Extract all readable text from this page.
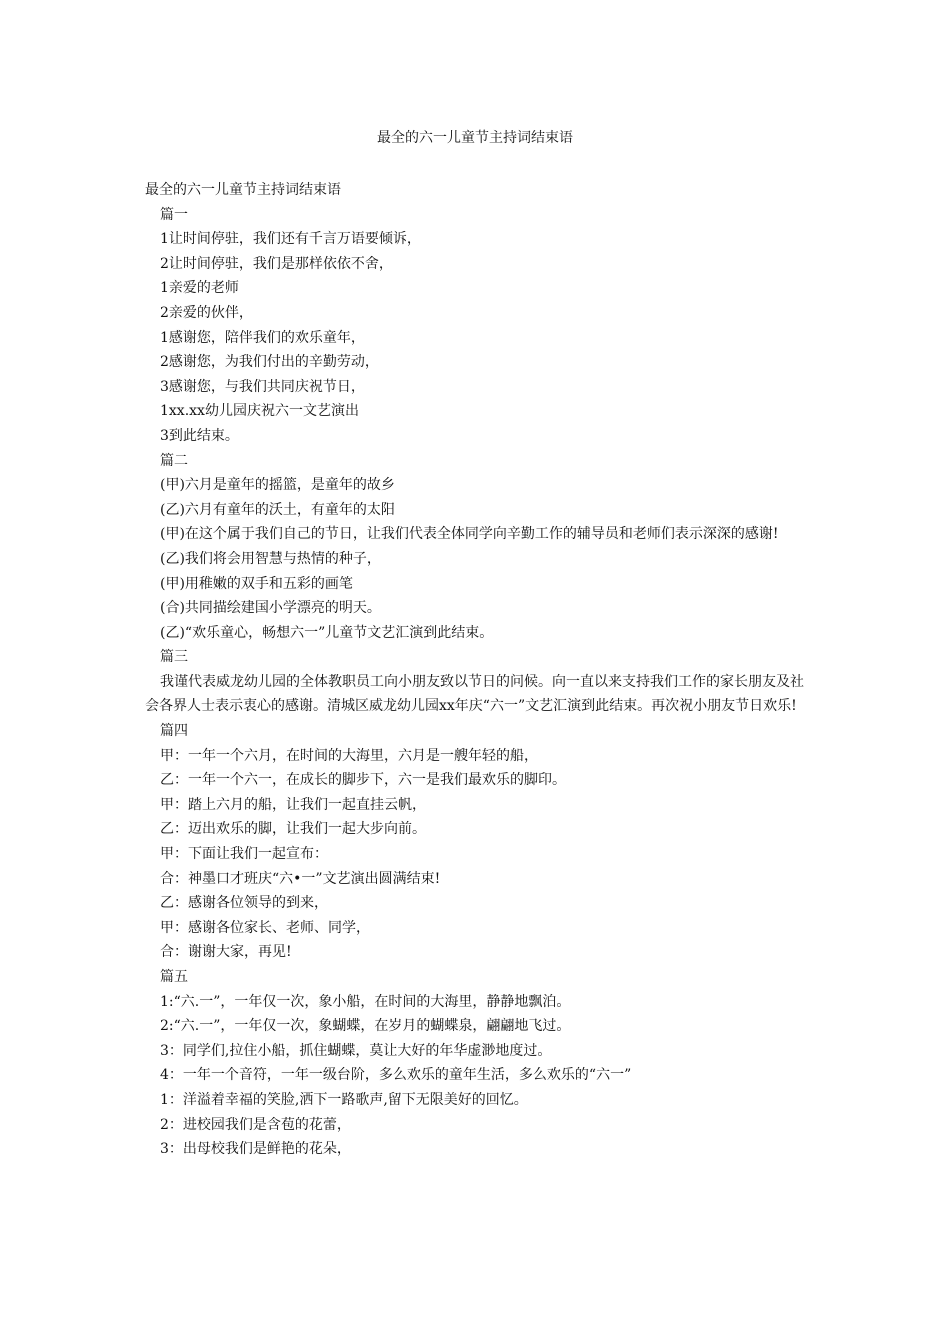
最全的六一儿童节主持词结束语

最全的六一儿童节主持词结束语

篇一

1让时间停驻，我们还有千言万语要倾诉，

2让时间停驻，我们是那样依依不舍，

1亲爱的老师

2亲爱的伙伴，

1感谢您，陪伴我们的欢乐童年，

2感谢您，为我们付出的辛勤劳动，

3感谢您，与我们共同庆祝节日，

1xx.xx幼儿园庆祝六一文艺演出

3到此结束。

篇二

(甲)六月是童年的摇篮，是童年的故乡

(乙)六月有童年的沃土，有童年的太阳

(甲)在这个属于我们自己的节日，让我们代表全体同学向辛勤工作的辅导员和老师们表示深深的感谢!

(乙)我们将会用智慧与热情的种子，

(甲)用稚嫩的双手和五彩的画笔

(合)共同描绘建国小学漂亮的明天。

(乙)“欢乐童心，畅想六一”儿童节文艺汇演到此结束。

篇三

我谨代表威龙幼儿园的全体教职员工向小朋友致以节日的问候。向一直以来支持我们工作的家长朋友及社会各界人士表示衷心的感谢。清城区威龙幼儿园xx年庆“六一”文艺汇演到此结束。再次祝小朋友节日欢乐!

篇四

甲：一年一个六月，在时间的大海里，六月是一艘年轻的船，

乙：一年一个六一，在成长的脚步下，六一是我们最欢乐的脚印。

甲：踏上六月的船，让我们一起直挂云帆，

乙：迈出欢乐的脚，让我们一起大步向前。

甲：下面让我们一起宣布：

合：神墨口才班庆“六•一”文艺演出圆满结束!

乙：感谢各位领导的到来，

甲：感谢各位家长、老师、同学，

合：谢谢大家，再见!

篇五

1:“六.一”，一年仅一次，象小船，在时间的大海里，静静地飘泊。

2:“六.一”，一年仅一次，象蝴蝶，在岁月的蝴蝶泉，翩翩地飞过。

3：同学们,拉住小船，抓住蝴蝶，莫让大好的年华虚渺地度过。

4：一年一个音符，一年一级台阶，多么欢乐的童年生活，多么欢乐的“六一”

1：洋溢着幸福的笑脸,洒下一路歌声,留下无限美好的回忆。

2：进校园我们是含苞的花蕾，

3：出母校我们是鲜艳的花朵，
